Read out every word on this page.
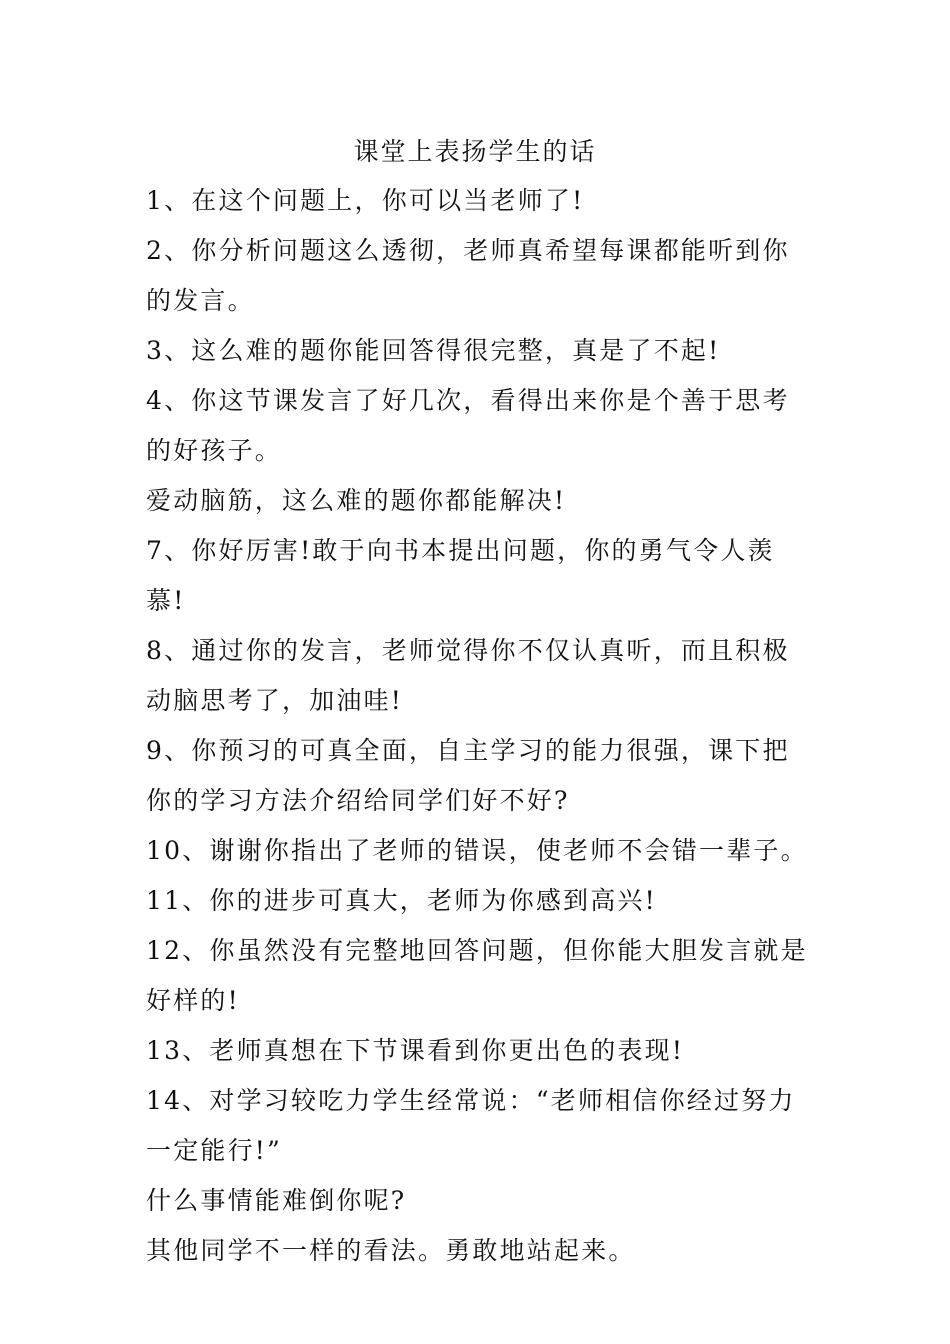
课堂上表扬学生的话

1、在这个问题上，你可以当老师了!

2、你分析问题这么透彻，老师真希望每课都能听到你的发言。

3、这么难的题你能回答得很完整，真是了不起!

4、你这节课发言了好几次，看得出来你是个善于思考的好孩子。

爱动脑筋，这么难的题你都能解决!

7、你好厉害!敢于向书本提出问题，你的勇气令人羡慕!

8、通过你的发言，老师觉得你不仅认真听，而且积极动脑思考了，加油哇!

9、你预习的可真全面，自主学习的能力很强，课下把你的学习方法介绍给同学们好不好?

10、谢谢你指出了老师的错误，使老师不会错一辈子。

11、你的进步可真大，老师为你感到高兴!

12、你虽然没有完整地回答问题，但你能大胆发言就是好样的!

13、老师真想在下节课看到你更出色的表现!

14、对学习较吃力学生经常说：“老师相信你经过努力一定能行!”

什么事情能难倒你呢?

其他同学不一样的看法。勇敢地站起来。
